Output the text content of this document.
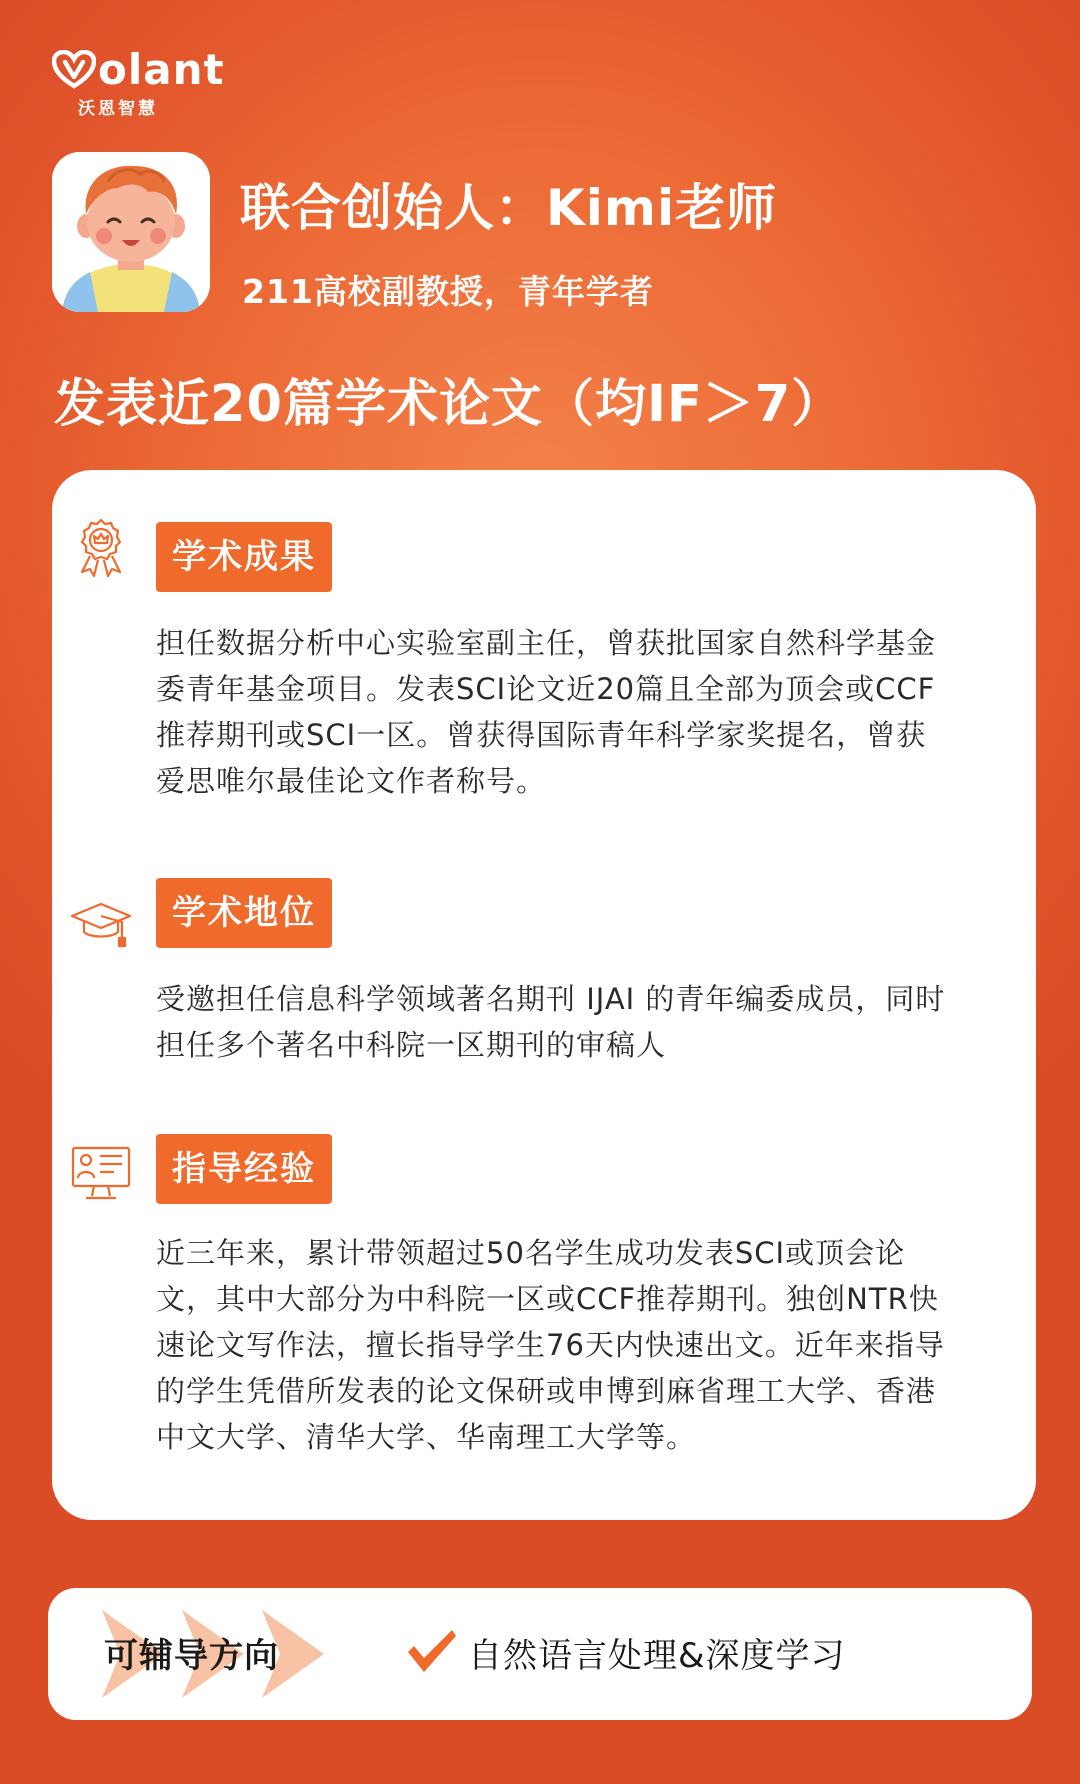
olant
沃恩智慧
联合创始人：Kimi老师
211高校副教授，青年学者
发表近20篇学术论文（均IF＞7）
学术成果
担任数据分析中心实验室副主任，曾获批国家自然科学基金
委青年基金项目。发表SCI论文近20篇且全部为顶会或CCF
推荐期刊或SCI一区。曾获得国际青年科学家奖提名，曾获
爱思唯尔最佳论文作者称号。
学术地位
受邀担任信息科学领域著名期刊 IJAI 的青年编委成员，同时
担任多个著名中科院一区期刊的审稿人
指导经验
近三年来，累计带领超过50名学生成功发表SCI或顶会论
文，其中大部分为中科院一区或CCF推荐期刊。独创NTR快
速论文写作法，擅长指导学生76天内快速出文。近年来指导
的学生凭借所发表的论文保研或申博到麻省理工大学、香港
中文大学、清华大学、华南理工大学等。
可辅导方向	自然语言处理&深度学习
